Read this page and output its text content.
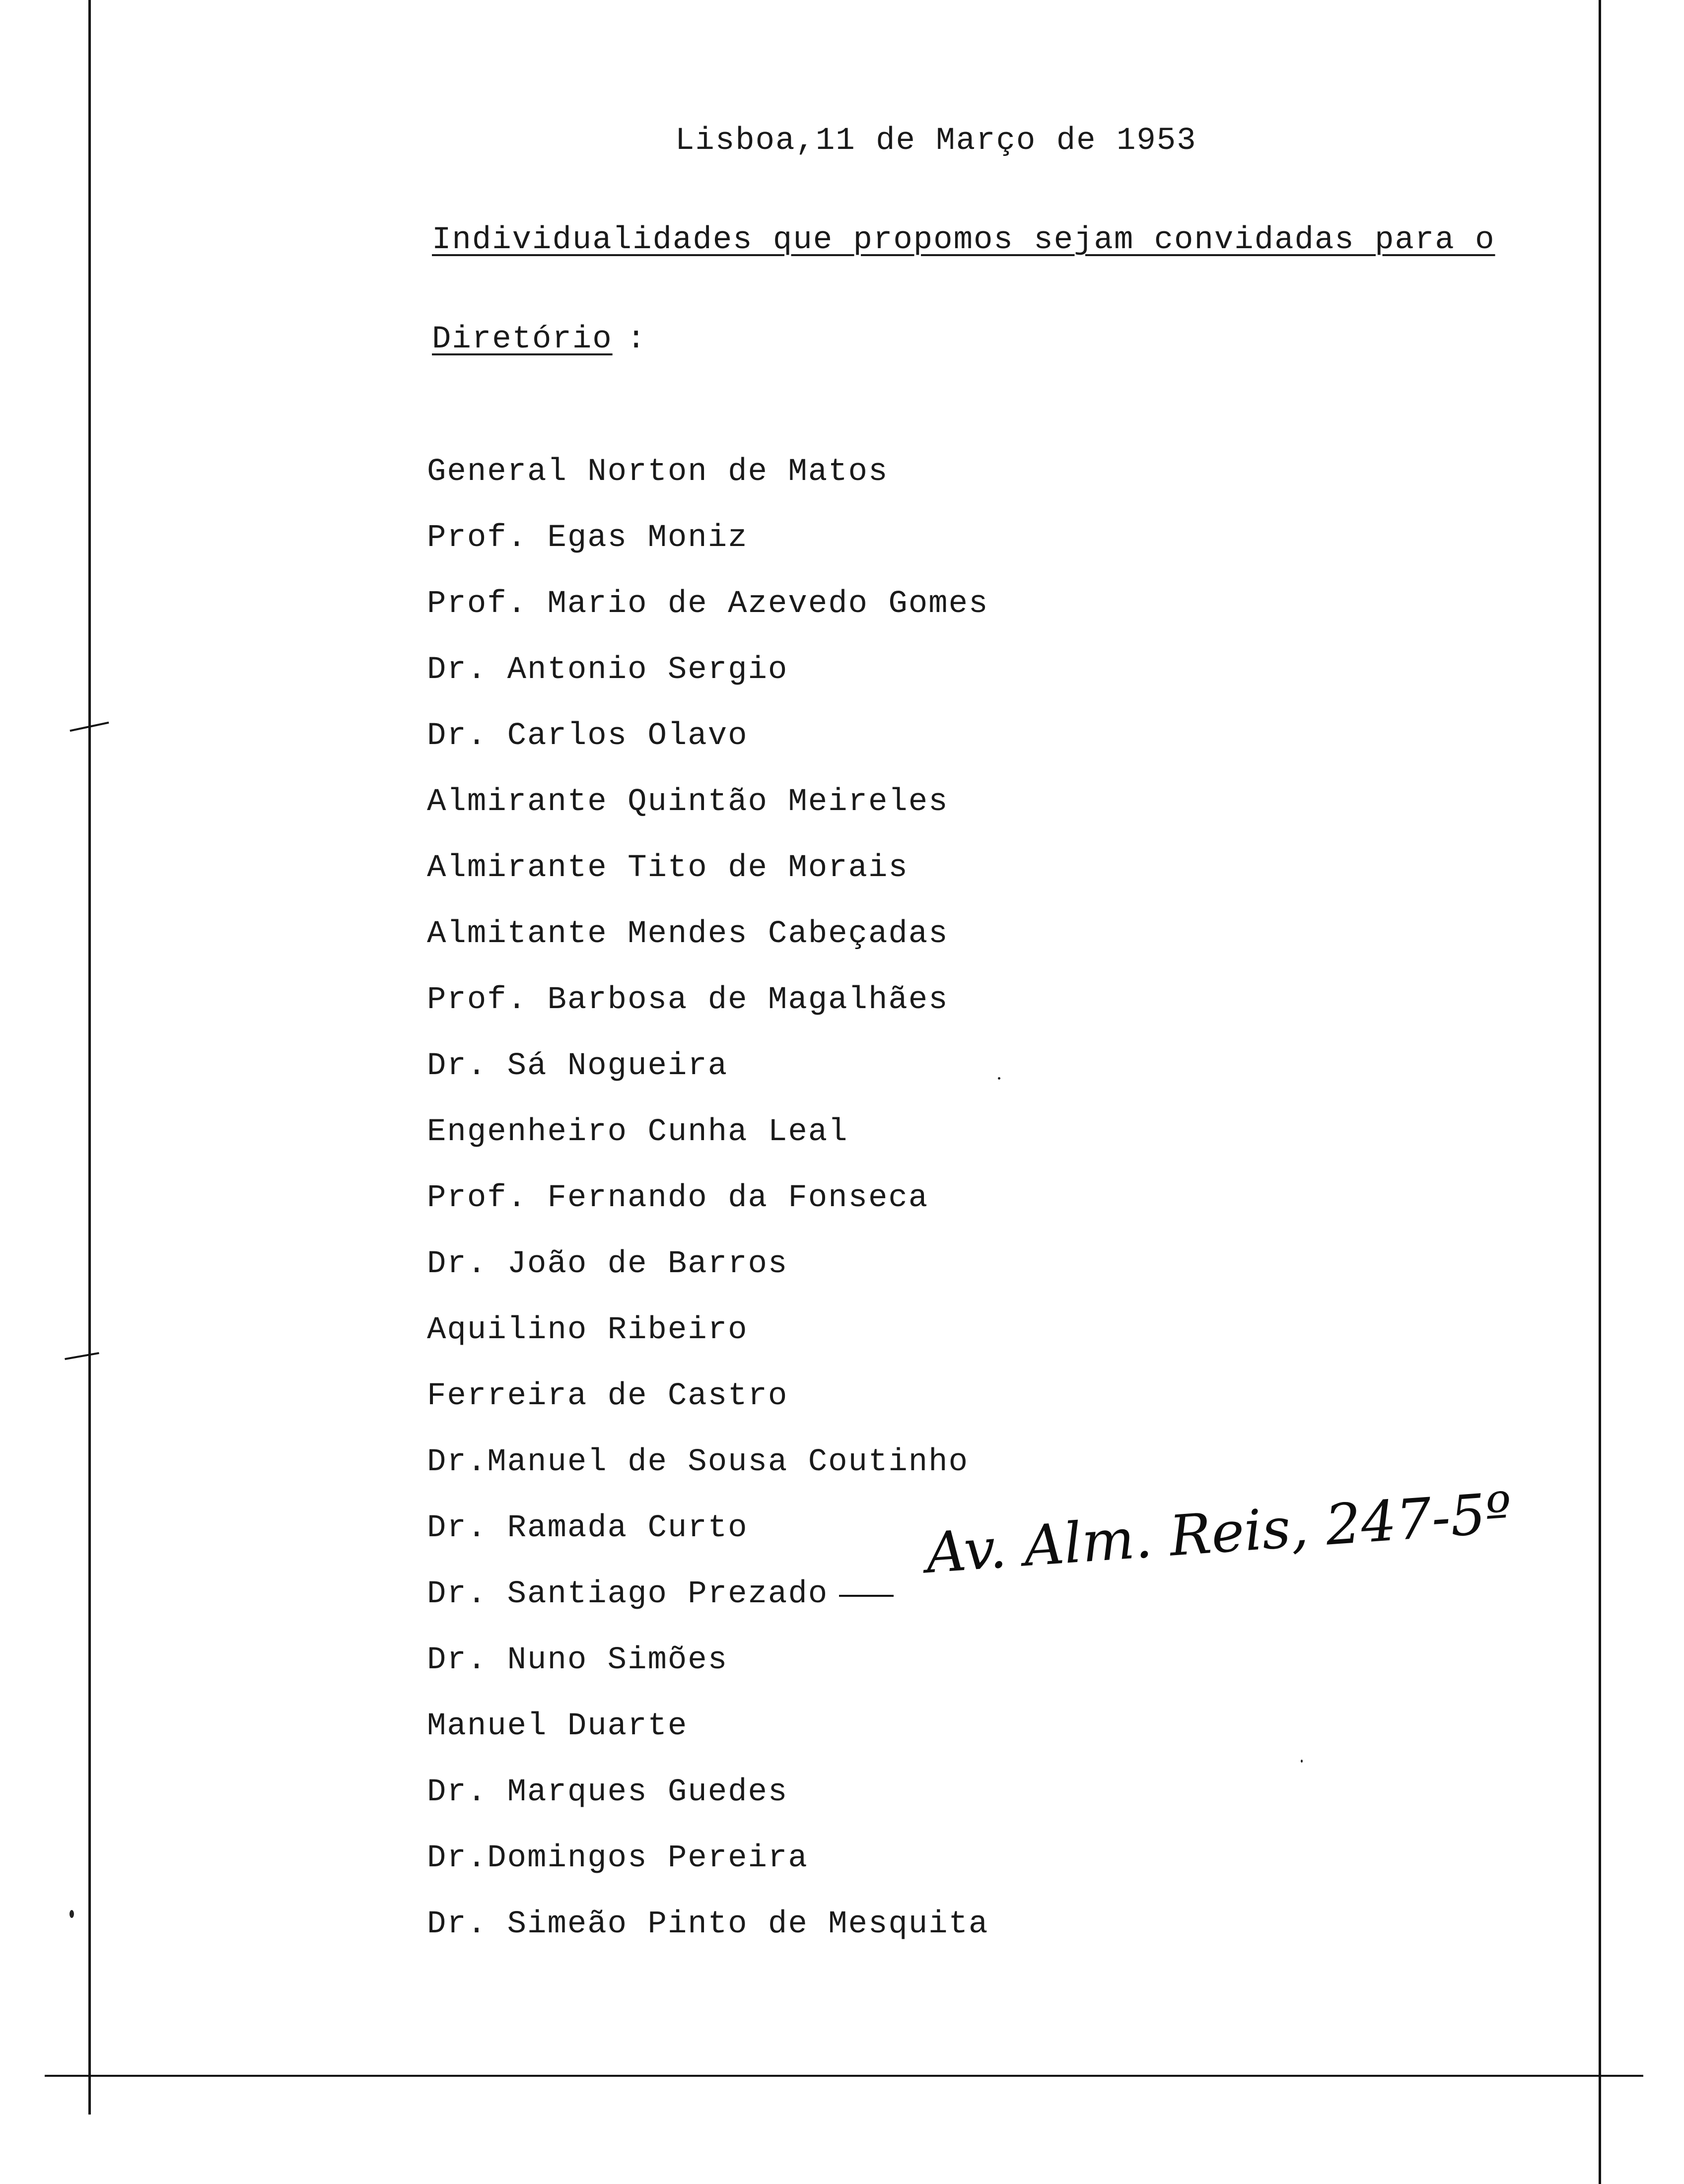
Lisboa,11 de Março de 1953
Individualidades que propomos sejam convidadas para o
Diretório :
General Norton de Matos
Prof. Egas Moniz
Prof. Mario de Azevedo Gomes
Dr. Antonio Sergio
Dr. Carlos Olavo
Almirante Quintão Meireles
Almirante Tito de Morais
Almitante Mendes Cabeçadas
Prof. Barbosa de Magalhães
Dr. Sá Nogueira
Engenheiro Cunha Leal
Prof. Fernando da Fonseca
Dr. João de Barros
Aquilino Ribeiro
Ferreira de Castro
Dr.Manuel de Sousa Coutinho
Dr. Ramada Curto
Dr. Santiago Prezado
Dr. Nuno Simões
Manuel Duarte
Dr. Marques Guedes
Dr.Domingos Pereira
Dr. Simeão Pinto de Mesquita
Av. Alm. Reis, 247-5º
